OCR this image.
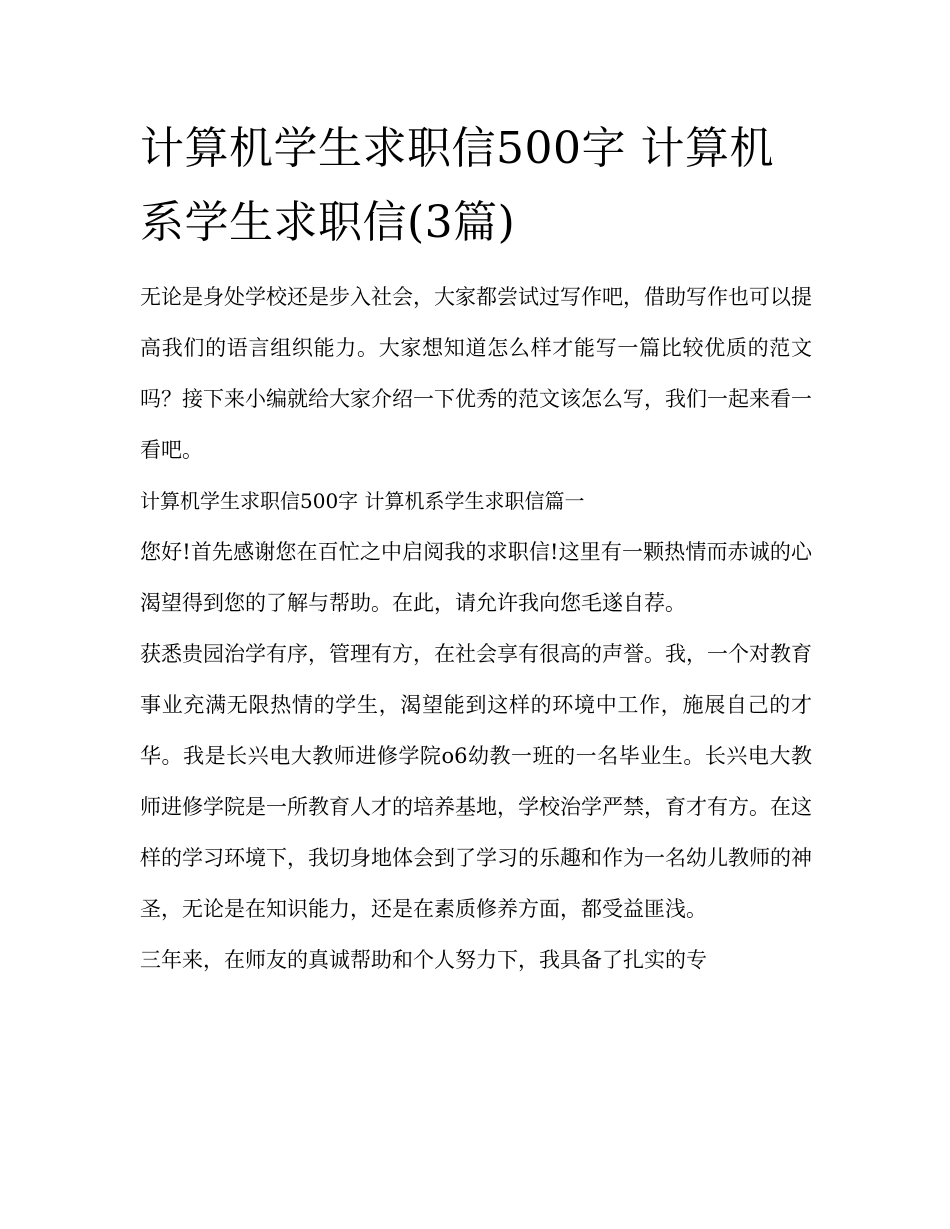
计算机学生求职信500字 计算机系学生求职信(3篇)

无论是身处学校还是步入社会，大家都尝试过写作吧，借助写作也可以提高我们的语言组织能力。大家想知道怎么样才能写一篇比较优质的范文吗？接下来小编就给大家介绍一下优秀的范文该怎么写，我们一起来看一看吧。

计算机学生求职信500字 计算机系学生求职信篇一

您好!首先感谢您在百忙之中启阅我的求职信!这里有一颗热情而赤诚的心渴望得到您的了解与帮助。在此，请允许我向您毛遂自荐。

获悉贵园治学有序，管理有方，在社会享有很高的声誉。我，一个对教育事业充满无限热情的学生，渴望能到这样的环境中工作，施展自己的才华。我是长兴电大教师进修学院o6幼教一班的一名毕业生。长兴电大教师进修学院是一所教育人才的培养基地，学校治学严禁，育才有方。在这样的学习环境下，我切身地体会到了学习的乐趣和作为一名幼儿教师的神圣，无论是在知识能力，还是在素质修养方面，都受益匪浅。

三年来，在师友的真诚帮助和个人努力下，我具备了扎实的专
